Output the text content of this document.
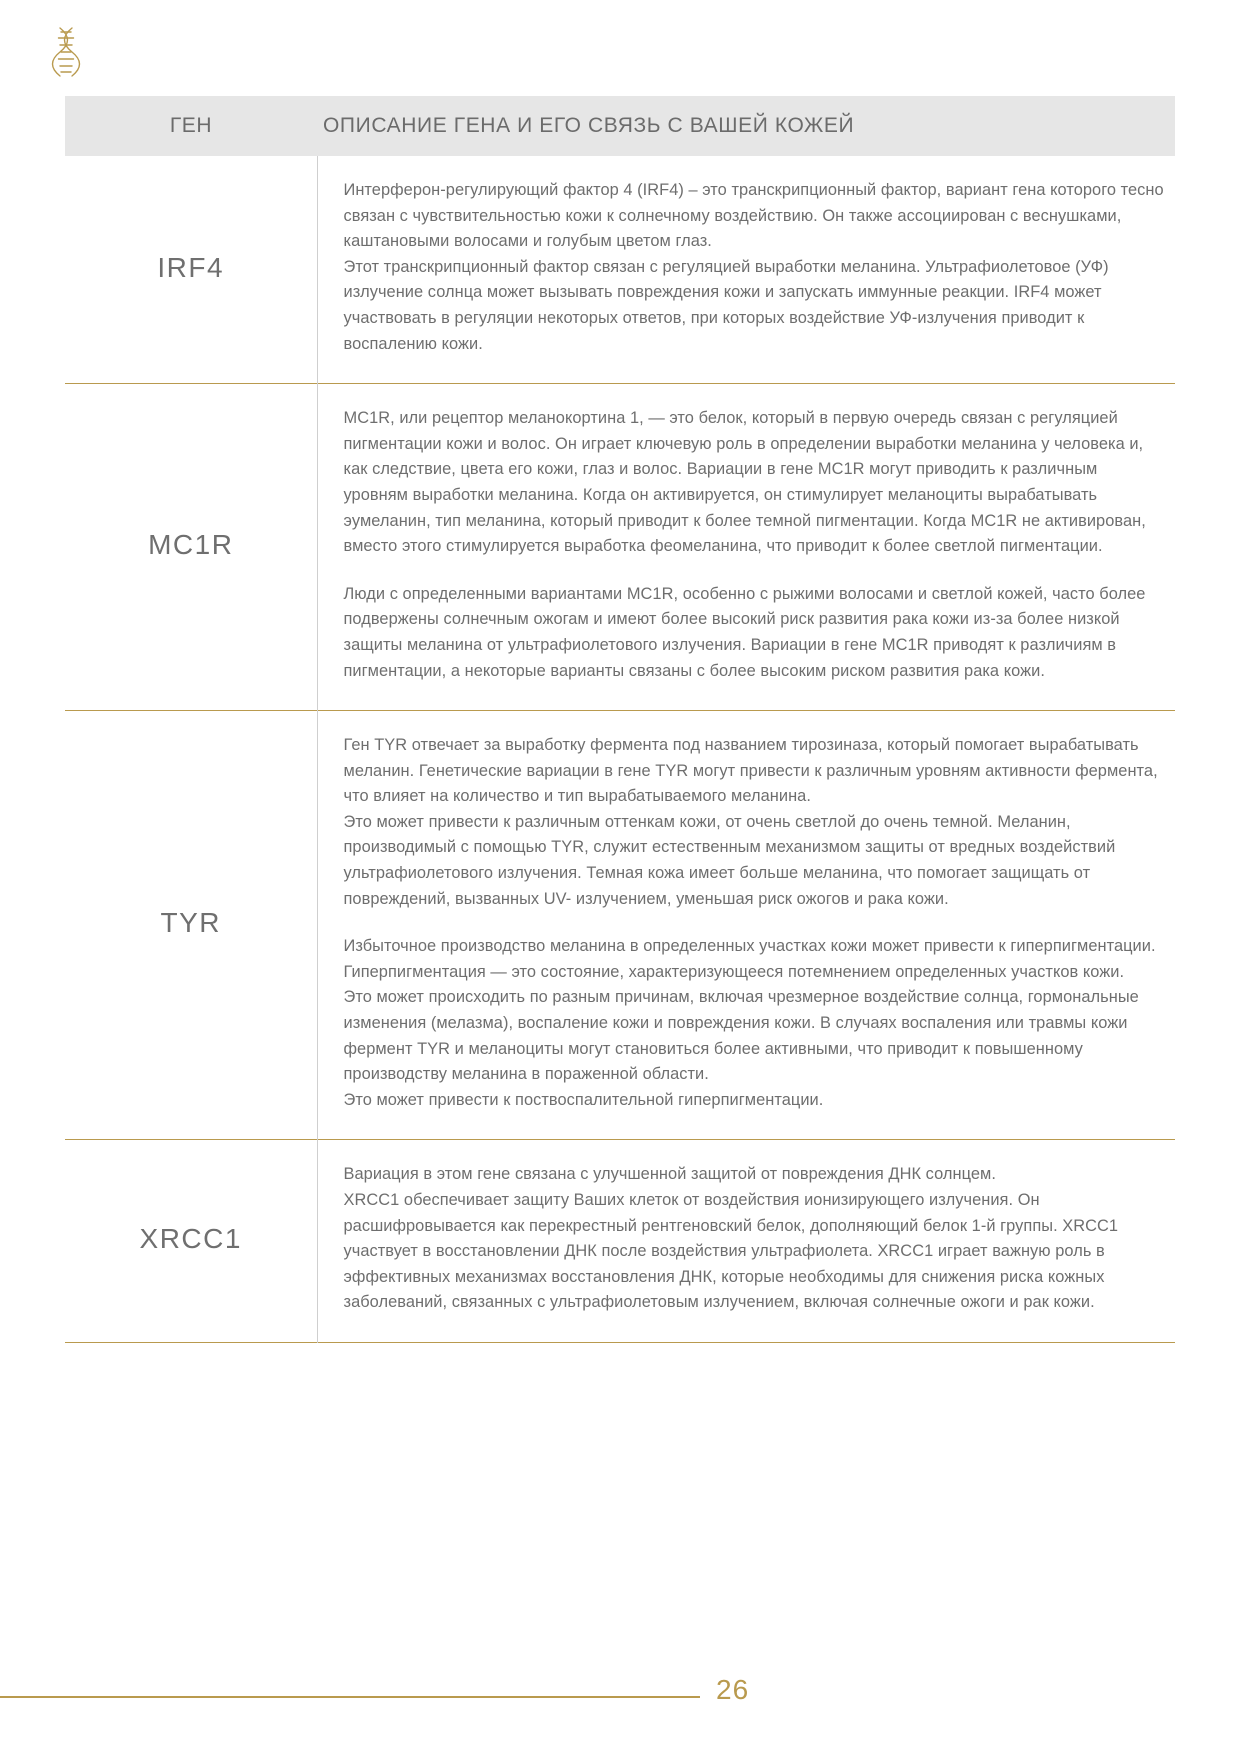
ГЕН	ОПИСАНИЕ ГЕНА И ЕГО СВЯЗЬ С ВАШЕЙ КОЖЕЙ

IRF4	Интерферон-регулирующий фактор 4 (IRF4) – это транскрипционный фактор, вариант гена которого тесно связан с чувствительностью кожи к солнечному воздействию. Он также ассоциирован с веснушками, каштановыми волосами и голубым цветом глаз.
Этот транскрипционный фактор связан с регуляцией выработки меланина. Ультрафиолетовое (УФ) излучение солнца может вызывать повреждения кожи и запускать иммунные реакции. IRF4 может участвовать в регуляции некоторых ответов, при которых воздействие УФ-излучения приводит к воспалению кожи.

MC1R	MC1R, или рецептор меланокортина 1, — это белок, который в первую очередь связан с регуляцией пигментации кожи и волос. Он играет ключевую роль в определении выработки меланина у человека и, как следствие, цвета его кожи, глаз и волос. Вариации в гене MC1R могут приводить к различным уровням выработки меланина. Когда он активируется, он стимулирует меланоциты вырабатывать эумеланин, тип меланина, который приводит к более темной пигментации. Когда MC1R не активирован, вместо этого стимулируется выработка феомеланина, что приводит к более светлой пигментации.

Люди с определенными вариантами MC1R, особенно с рыжими волосами и светлой кожей, часто более подвержены солнечным ожогам и имеют более высокий риск развития рака кожи из-за более низкой защиты меланина от ультрафиолетового излучения. Вариации в гене MC1R приводят к различиям в пигментации, а некоторые варианты связаны с более высоким риском развития рака кожи.

TYR	Ген TYR отвечает за выработку фермента под названием тирозиназа, который помогает вырабатывать меланин. Генетические вариации в гене TYR могут привести к различным уровням активности фермента, что влияет на количество и тип вырабатываемого меланина.
Это может привести к различным оттенкам кожи, от очень светлой до очень темной. Меланин, производимый с помощью TYR, служит естественным механизмом защиты от вредных воздействий ультрафиолетового излучения. Темная кожа имеет больше меланина, что помогает защищать от повреждений, вызванных UV- излучением, уменьшая риск ожогов и рака кожи.

Избыточное производство меланина в определенных участках кожи может привести к гиперпигментации. Гиперпигментация — это состояние, характеризующееся потемнением определенных участков кожи.
Это может происходить по разным причинам, включая чрезмерное воздействие солнца, гормональные изменения (мелазма), воспаление кожи и повреждения кожи. В случаях воспаления или травмы кожи фермент TYR и меланоциты могут становиться более активными, что приводит к повышенному производству меланина в пораженной области.
Это может привести к поствоспалительной гиперпигментации.

XRCC1	Вариация в этом гене связана с улучшенной защитой от повреждения ДНК солнцем.
XRCC1 обеспечивает защиту Ваших клеток от воздействия ионизирующего излучения. Он расшифровывается как перекрестный рентгеновский белок, дополняющий белок 1-й группы. XRCC1 участвует в восстановлении ДНК после воздействия ультрафиолета. XRCC1 играет важную роль в эффективных механизмах восстановления ДНК, которые необходимы для снижения риска кожных заболеваний, связанных с ультрафиолетовым излучением, включая солнечные ожоги и рак кожи.

26
